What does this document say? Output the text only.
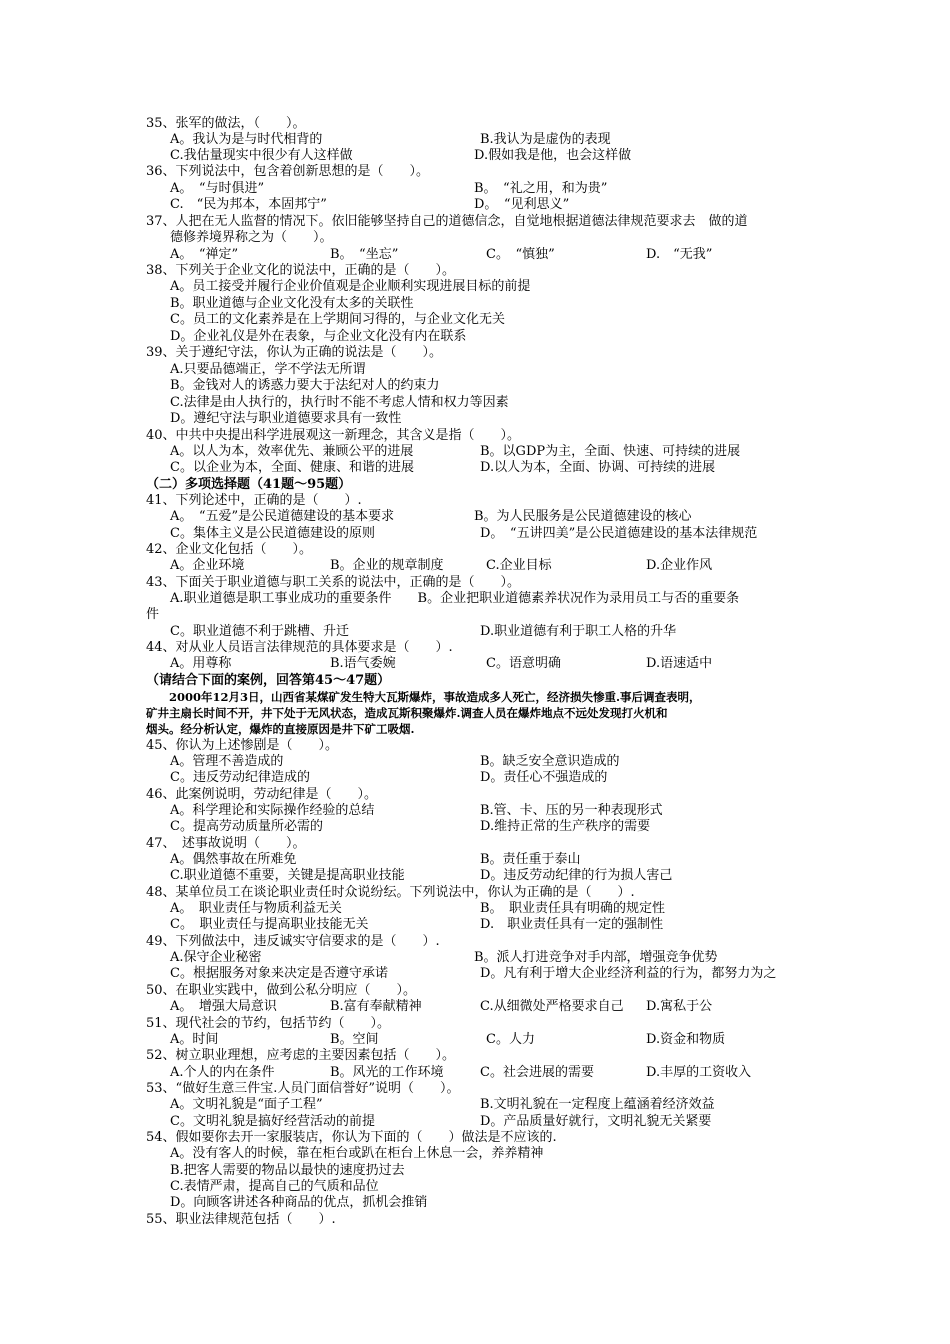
35、张军的做法，（　　）。
A。我认为是与时代相背的	B.我认为是虚伪的表现
C.我估量现实中很少有人这样做	D.假如我是他，也会这样做
36、下列说法中，包含着创新思想的是（　　）。
A。　“与时俱进”	B。　“礼之用，和为贵”
C.　“民为邦本，本固邦宁”	D。　“见利思义”
37、人把在无人监督的情况下。依旧能够坚持自己的道德信念，自觉地根据道德法律规范要求去　做的道
德修养境界称之为（　　）。
A。　“禅定”	B。　“坐忘”	C。　“慎独”	D.　“无我”
38、下列关于企业文化的说法中，正确的是（　　）。
A。员工接受并履行企业价值观是企业顺利实现进展目标的前提
B。职业道德与企业文化没有太多的关联性
C。员工的文化素养是在上学期间习得的，与企业文化无关
D。企业礼仪是外在表象，与企业文化没有内在联系
39、关于遵纪守法，你认为正确的说法是（　　）。
A.只要品德端正，学不学法无所谓
B。金钱对人的诱惑力要大于法纪对人的约束力
C.法律是由人执行的，执行时不能不考虑人情和权力等因素
D。遵纪守法与职业道德要求具有一致性
40、中共中央提出科学进展观这一新理念，其含义是指（　　）。
A。以人为本，效率优先、兼顾公平的进展	B。以GDP为主，全面、快速、可持续的进展
C。以企业为本，全面、健康、和谐的进展	D.以人为本，全面、协调、可持续的进展
（二）多项选择题（41题～95题）
41、下列论述中，正确的是（　　）.
A。　“五爱”是公民道德建设的基本要求	B。为人民服务是公民道德建设的核心
C。集体主义是公民道德建设的原则	D。　“五讲四美”是公民道德建设的基本法律规范
42、企业文化包括（　　）。
A。企业环境	B。企业的规章制度	C.企业目标	D.企业作风
43、下面关于职业道德与职工关系的说法中，正确的是（　　）。
A.职业道德是职工事业成功的重要条件　　B。企业把职业道德素养状况作为录用员工与否的重要条
件
C。职业道德不利于跳槽、升迁	D.职业道德有利于职工人格的升华
44、对从业人员语言法律规范的具体要求是（　　）.
A。用尊称	B.语气委婉	C。语意明确	D.语速适中
（请结合下面的案例，回答第45～47题）
　　2000年12月3日，山西省某煤矿发生特大瓦斯爆炸，事故造成多人死亡，经济损失惨重.事后调查表明，
矿井主扇长时间不开，井下处于无风状态，造成瓦斯积聚爆炸.调查人员在爆炸地点不远处发现打火机和
烟头。经分析认定，爆炸的直接原因是井下矿工吸烟.
45、你认为上述惨剧是（　　）。
A。管理不善造成的	B。缺乏安全意识造成的
C。违反劳动纪律造成的	D。责任心不强造成的
46、此案例说明，劳动纪律是（　　）。
A。科学理论和实际操作经验的总结	B.管、卡、压的另一种表现形式
C。提高劳动质量所必需的	D.维持正常的生产秩序的需要
47、　述事故说明（　　）。
A。偶然事故在所难免	B。责任重于泰山
C.职业道德不重要，关键是提高职业技能	D。违反劳动纪律的行为损人害己
48、某单位员工在谈论职业责任时众说纷纭。下列说法中，你认为正确的是（　　）.
A。　职业责任与物质利益无关	B。　职业责任具有明确的规定性
C。　职业责任与提高职业技能无关	D.　职业责任具有一定的强制性
49、下列做法中，违反诚实守信要求的是（　　）.
A.保守企业秘密	B。派人打进竞争对手内部，增强竞争优势
C。根据服务对象来决定是否遵守承诺	D。凡有利于增大企业经济利益的行为，都努力为之
50、在职业实践中，做到公私分明应（　　）。
A。　增强大局意识	B.富有奉献精神	C.从细微处严格要求自己 D.寓私于公
51、现代社会的节约，包括节约（　　）。
A。时间	B。空间	C。人力	D.资金和物质
52、树立职业理想，应考虑的主要因素包括（　　）。
A.个人的内在条件	B。风光的工作环境	C。社会进展的需要	D.丰厚的工资收入
53、“做好生意三件宝.人员门面信誉好”说明（　　）。
A。文明礼貌是“面子工程”	B.文明礼貌在一定程度上蕴涵着经济效益
C。文明礼貌是搞好经营活动的前提	D。产品质量好就行，文明礼貌无关紧要
54、假如要你去开一家服装店，你认为下面的（　　）做法是不应该的.
A。没有客人的时候，靠在柜台或趴在柜台上休息一会，养养精神
B.把客人需要的物品以最快的速度扔过去
C.表情严肃，提高自己的气质和品位
D。向顾客讲述各种商品的优点，抓机会推销
55、职业法律规范包括（　　）.
